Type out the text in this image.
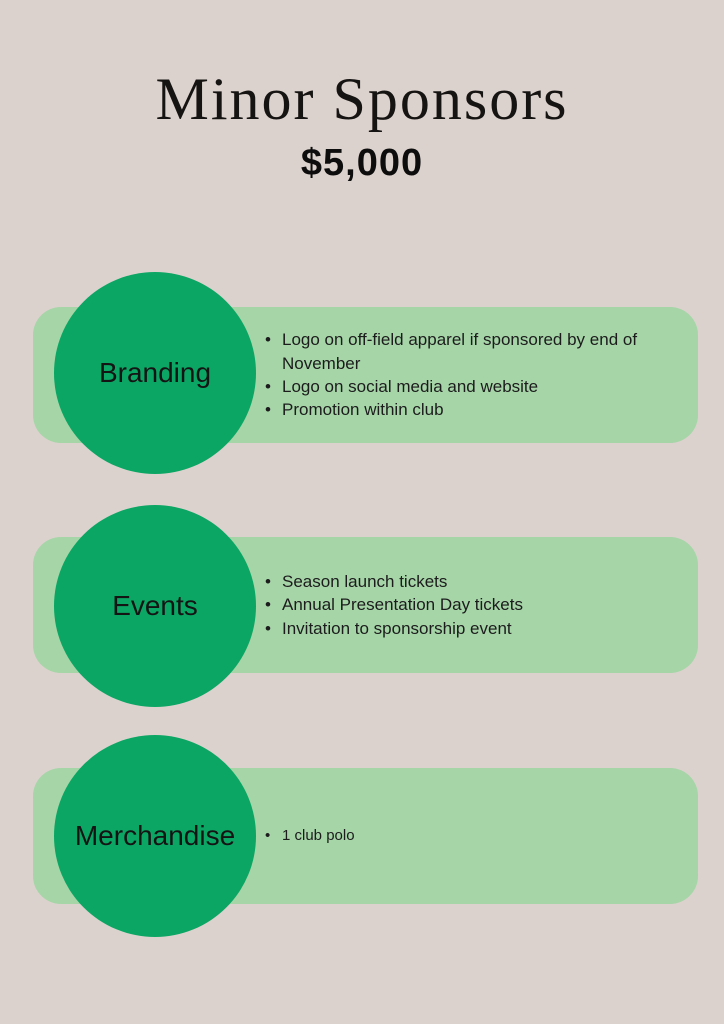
Minor Sponsors
$5,000
• Logo on off-field apparel if sponsored by end of November
• Logo on social media and website
• Promotion within club
Branding
• Season launch tickets
• Annual Presentation Day tickets
• Invitation to sponsorship event
Events
• 1 club polo
Merchandise
